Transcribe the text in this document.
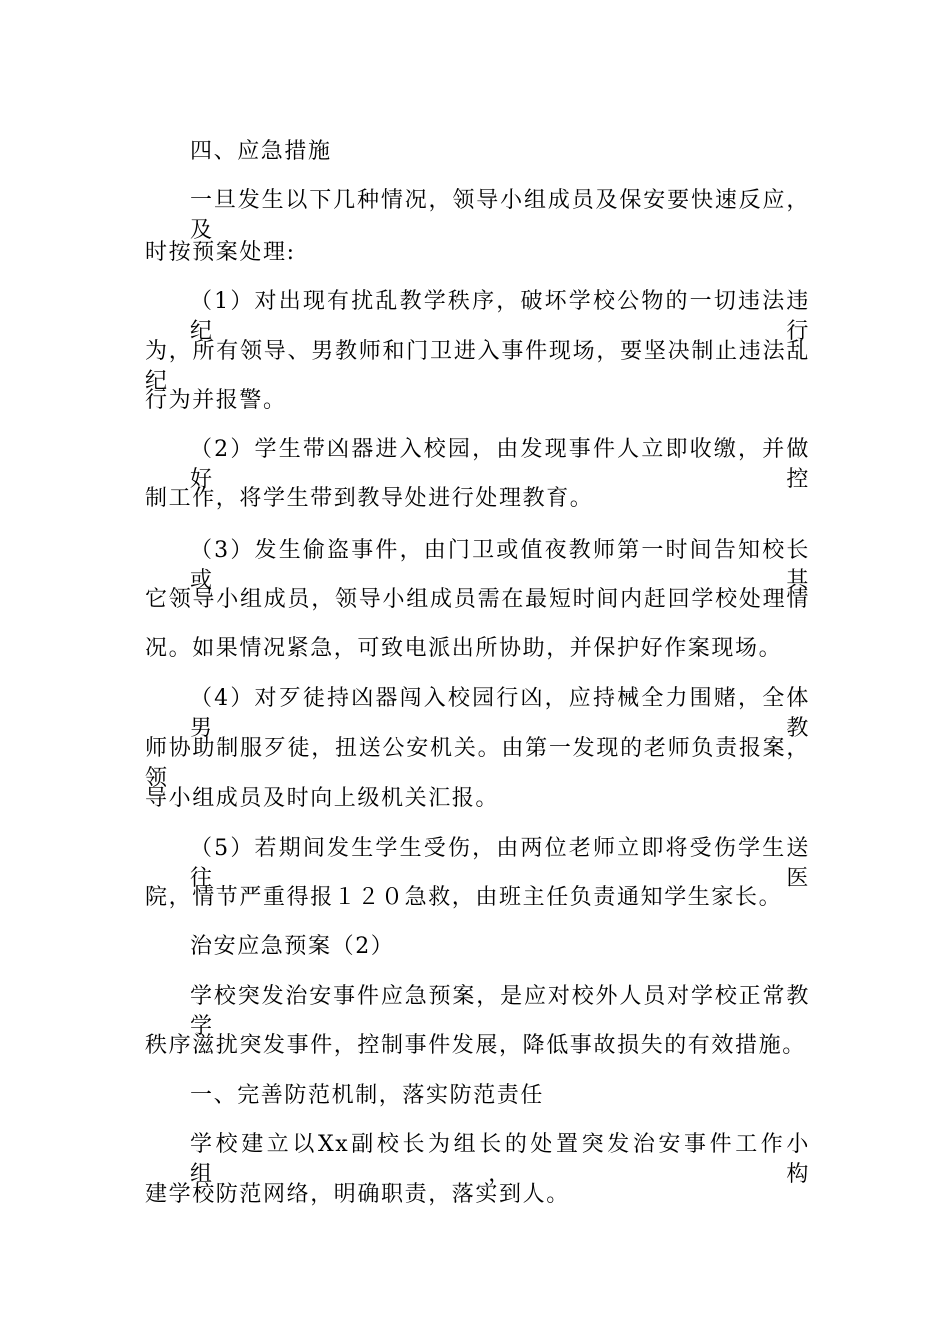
四、应急措施
一旦发生以下几种情况，领导小组成员及保安要快速反应，及
时按预案处理:
（1）对出现有扰乱教学秩序，破坏学校公物的一切违法违纪行
为，所有领导、男教师和门卫进入事件现场，要坚决制止违法乱纪
行为并报警。
（2）学生带凶器进入校园，由发现事件人立即收缴，并做好控
制工作，将学生带到教导处进行处理教育。
（3）发生偷盗事件，由门卫或值夜教师第一时间告知校长或其
它领导小组成员，领导小组成员需在最短时间内赶回学校处理情
况。如果情况紧急，可致电派出所协助，并保护好作案现场。
（4）对歹徒持凶器闯入校园行凶，应持械全力围赌，全体男教
师协助制服歹徒，扭送公安机关。由第一发现的老师负责报案，领
导小组成员及时向上级机关汇报。
（5）若期间发生学生受伤，由两位老师立即将受伤学生送往医
院，情节严重得报１２０急救，由班主任负责通知学生家长。
治安应急预案（2）
学校突发治安事件应急预案，是应对校外人员对学校正常教学
秩序滋扰突发事件，控制事件发展，降低事故损失的有效措施。
一、完善防范机制，落实防范责任
学校建立以Xx副校长为组长的处置突发治安事件工作小组，构
建学校防范网络，明确职责，落实到人。
